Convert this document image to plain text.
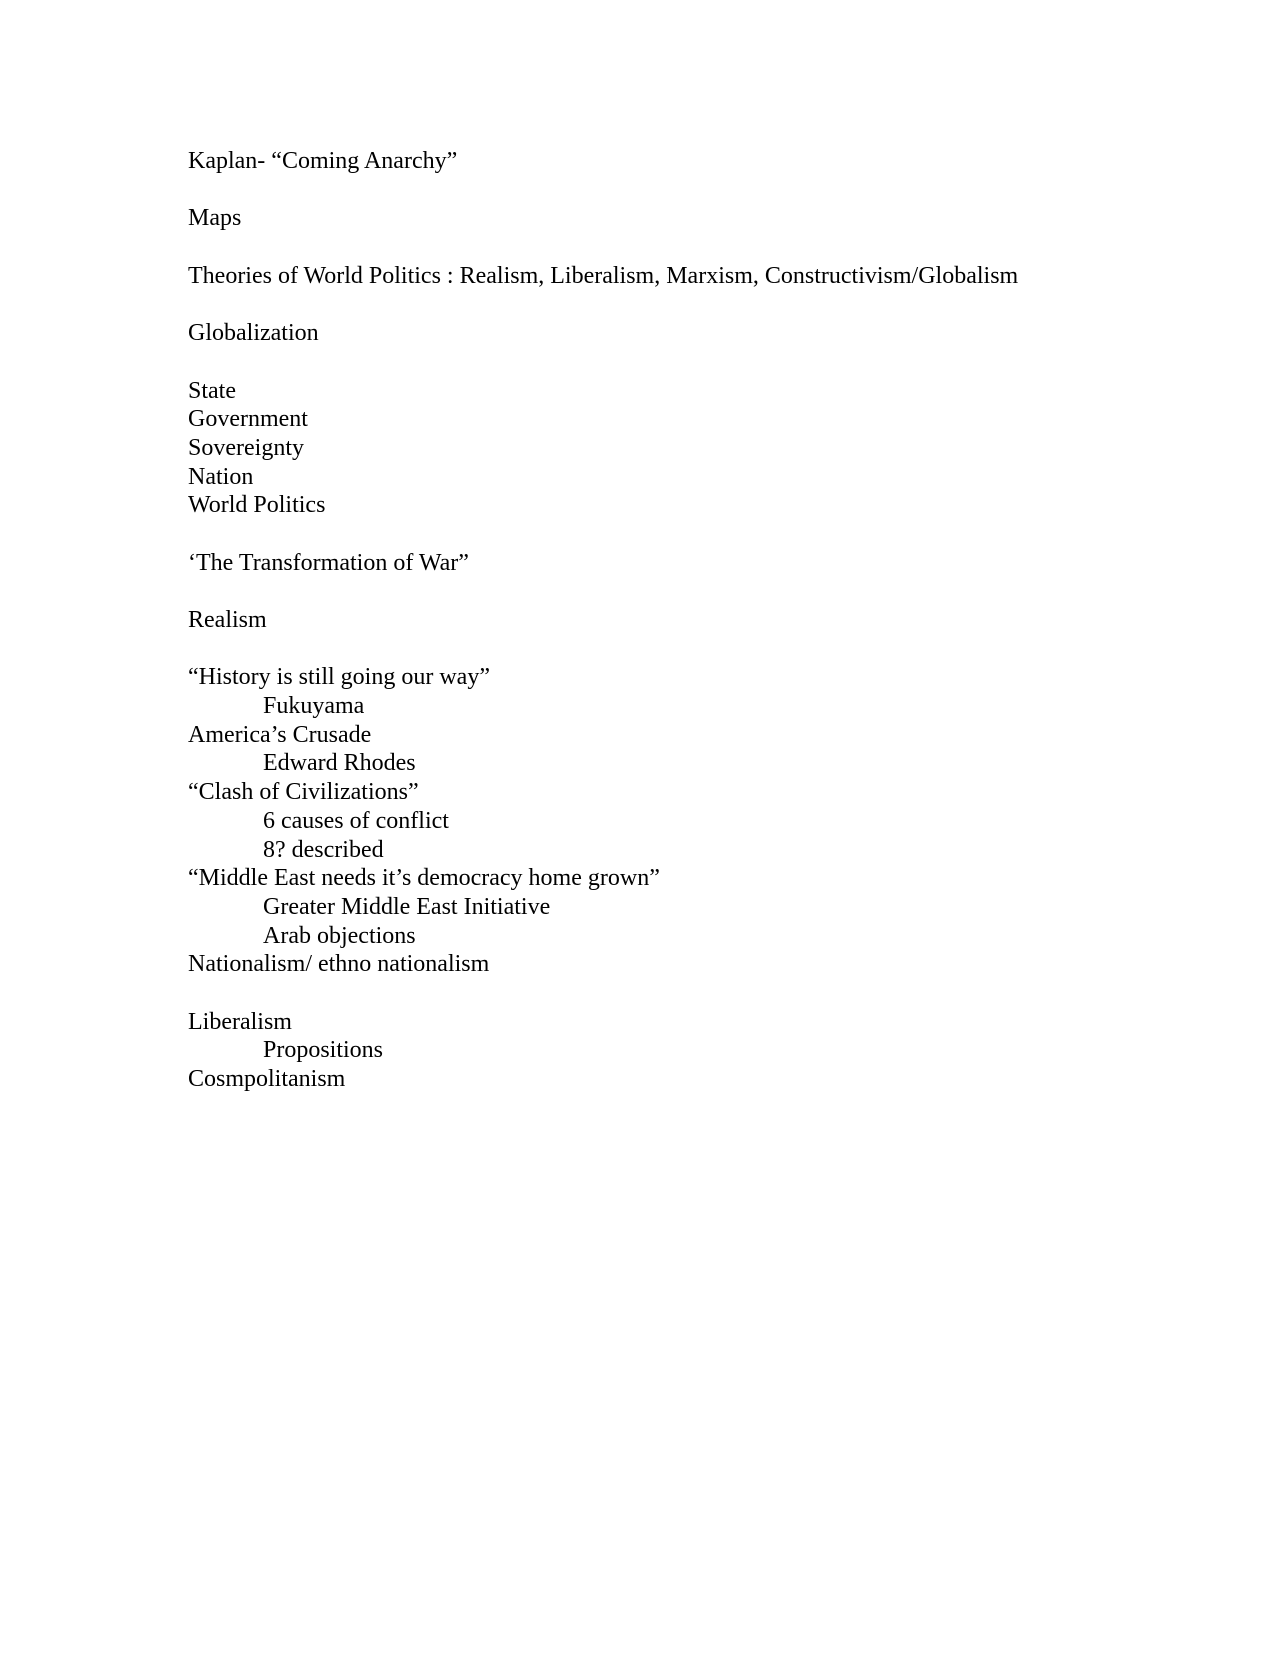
Kaplan- “Coming Anarchy”
Maps
Theories of World Politics : Realism, Liberalism, Marxism, Constructivism/Globalism
Globalization
State
Government
Sovereignty
Nation
World Politics
‘The Transformation of War”
Realism
“History is still going our way”
Fukuyama
America’s Crusade
Edward Rhodes
“Clash of Civilizations”
6 causes of conflict
8? described
“Middle East needs it’s democracy home grown”
Greater Middle East Initiative
Arab objections
Nationalism/ ethno nationalism
Liberalism
Propositions
Cosmpolitanism
